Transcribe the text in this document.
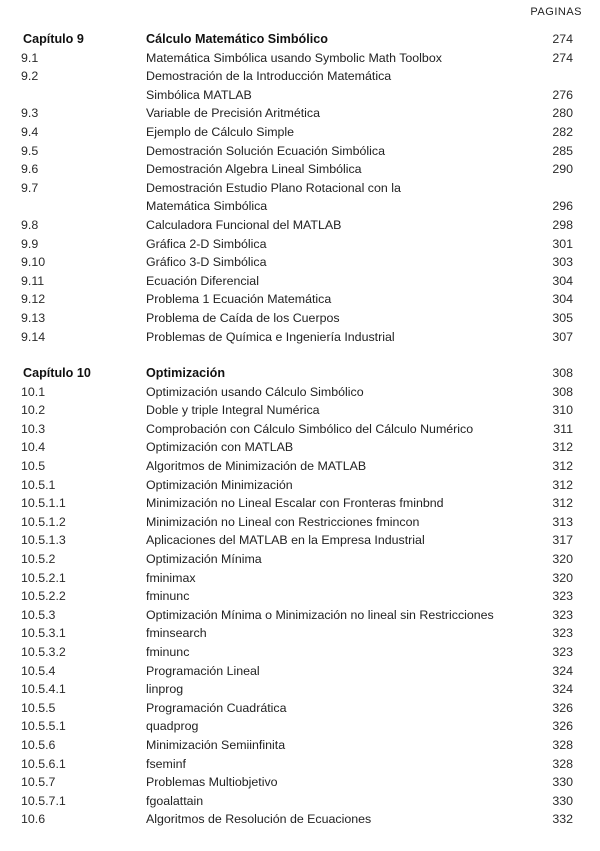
PAGINAS
Capítulo 9	Cálculo Matemático Simbólico	274
9.1	Matemática Simbólica usando Symbolic Math Toolbox	274
9.2	Demostración de la Introducción Matemática
Simbólica MATLAB	276
9.3	Variable de Precisión Aritmética	280
9.4	Ejemplo de Cálculo Simple	282
9.5	Demostración Solución Ecuación Simbólica	285
9.6	Demostración Algebra Lineal Simbólica	290
9.7	Demostración Estudio Plano Rotacional con la
Matemática Simbólica	296
9.8	Calculadora Funcional del MATLAB	298
9.9	Gráfica 2-D Simbólica	301
9.10	Gráfico 3-D Simbólica	303
9.11	Ecuación Diferencial	304
9.12	Problema 1 Ecuación Matemática	304
9.13	Problema de Caída de los Cuerpos	305
9.14	Problemas de Química e Ingeniería Industrial	307
Capítulo 10	Optimización	308
10.1	Optimización usando Cálculo Simbólico	308
10.2	Doble y triple Integral Numérica	310
10.3	Comprobación con Cálculo Simbólico del Cálculo Numérico	311
10.4	Optimización con MATLAB	312
10.5	Algoritmos de Minimización de MATLAB	312
10.5.1	Optimización Minimización	312
10.5.1.1	Minimización no Lineal Escalar con Fronteras fminbnd	312
10.5.1.2	Minimización no Lineal con Restricciones fmincon	313
10.5.1.3	Aplicaciones del MATLAB en la Empresa Industrial	317
10.5.2	Optimización Mínima	320
10.5.2.1	fminimax	320
10.5.2.2	fminunc	323
10.5.3	Optimización Mínima o Minimización no lineal sin Restricciones	323
10.5.3.1	fminsearch	323
10.5.3.2	fminunc	323
10.5.4	Programación Lineal	324
10.5.4.1	linprog	324
10.5.5	Programación Cuadrática	326
10.5.5.1	quadprog	326
10.5.6	Minimización Semiinfinita	328
10.5.6.1	fseminf	328
10.5.7	Problemas Multiobjetivo	330
10.5.7.1	fgoalattain	330
10.6	Algoritmos de Resolución de Ecuaciones	332
